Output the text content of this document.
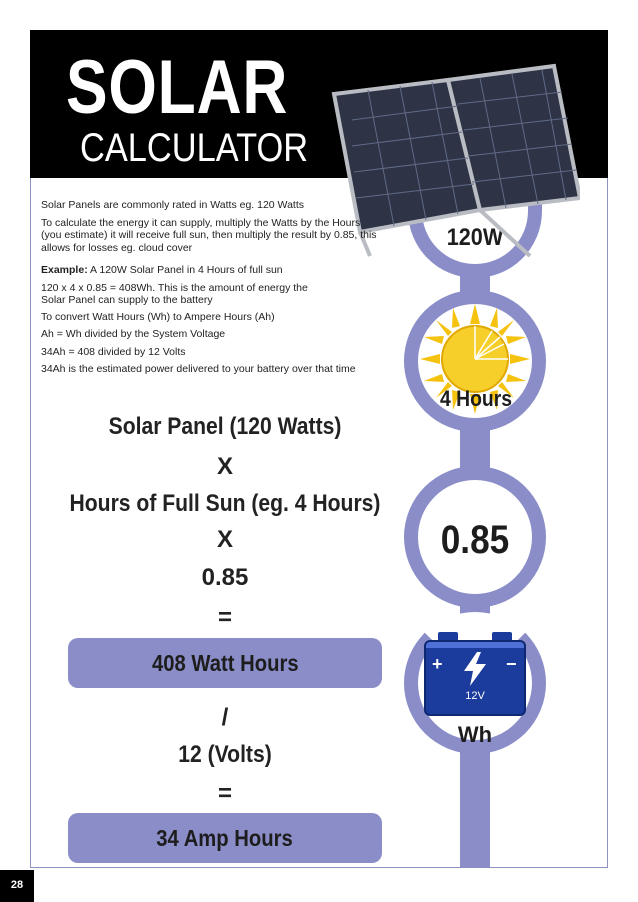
SOLAR
CALCULATOR
120W
4 Hours
0.85
+	−
12V
Wh

Solar Panels are commonly rated in Watts eg. 120 Watts

To calculate the energy it can supply, multiply the Watts by the Hours (you estimate) it will receive full sun, then multiply the result by 0.85, this allows for losses eg. cloud cover

Example: A 120W Solar Panel in 4 Hours of full sun

120 x 4 x 0.85 = 408Wh. This is the amount of energy the Solar Panel can supply to the battery

To convert Watt Hours (Wh) to Ampere Hours (Ah)

Ah = Wh divided by the System Voltage

34Ah = 408 divided by 12 Volts

34Ah is the estimated power delivered to your battery over that time

Solar Panel (120 Watts)
X
Hours of Full Sun (eg. 4 Hours)
X
0.85
=
408 Watt Hours
/
12 (Volts)
=
34 Amp Hours
28
